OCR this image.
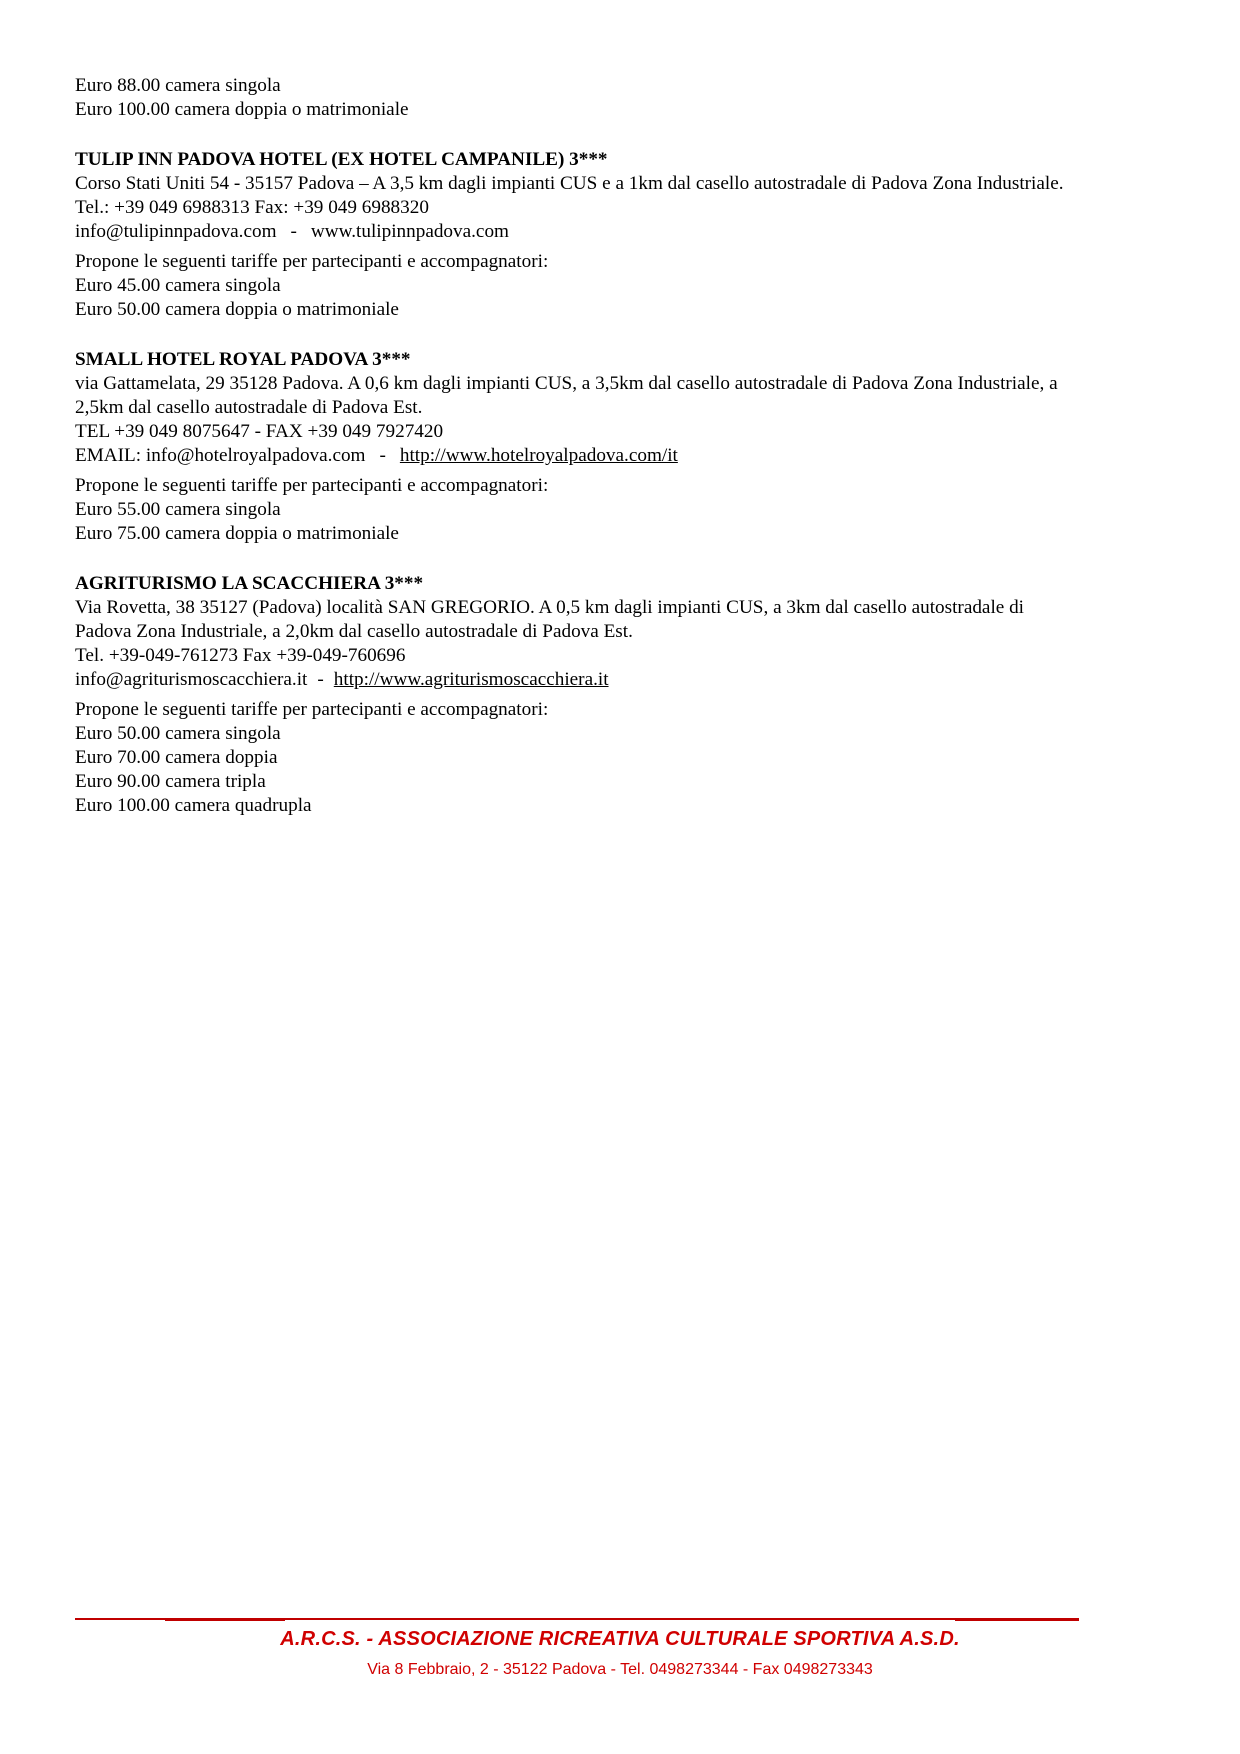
Euro 88.00 camera singola
Euro 100.00 camera doppia o matrimoniale
TULIP INN PADOVA HOTEL (EX HOTEL CAMPANILE) 3***
Corso Stati Uniti 54 - 35157 Padova – A 3,5 km dagli impianti CUS e a 1km dal casello autostradale di Padova Zona Industriale.
Tel.: +39 049 6988313 Fax: +39 049 6988320
info@tulipinnpadova.com - www.tulipinnpadova.com
Propone le seguenti tariffe per partecipanti e accompagnatori:
Euro 45.00 camera singola
Euro 50.00 camera doppia o matrimoniale
SMALL HOTEL ROYAL PADOVA 3***
via Gattamelata, 29 35128 Padova. A 0,6 km dagli impianti CUS, a 3,5km dal casello autostradale di Padova Zona Industriale, a
2,5km dal casello autostradale di Padova Est.
TEL +39 049 8075647 - FAX +39 049 7927420
EMAIL: info@hotelroyalpadova.com - http://www.hotelroyalpadova.com/it
Propone le seguenti tariffe per partecipanti e accompagnatori:
Euro 55.00 camera singola
Euro 75.00 camera doppia o matrimoniale
AGRITURISMO LA SCACCHIERA 3***
Via Rovetta, 38 35127 (Padova) località SAN GREGORIO. A 0,5 km dagli impianti CUS, a 3km dal casello autostradale di
Padova Zona Industriale, a 2,0km dal casello autostradale di Padova Est.
Tel. +39-049-761273 Fax +39-049-760696
info@agriturismoscacchiera.it - http://www.agriturismoscacchiera.it
Propone le seguenti tariffe per partecipanti e accompagnatori:
Euro 50.00 camera singola
Euro 70.00 camera doppia
Euro 90.00 camera tripla
Euro 100.00 camera quadrupla
A.R.C.S. - ASSOCIAZIONE RICREATIVA CULTURALE SPORTIVA A.S.D.
Via 8 Febbraio, 2 - 35122 Padova - Tel. 0498273344 - Fax 0498273343
